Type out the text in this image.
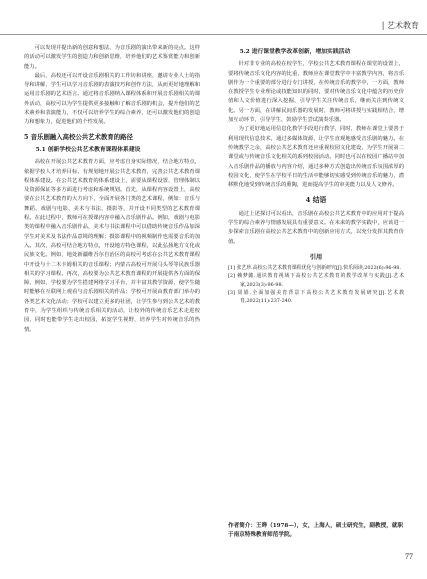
| 艺术教育

可以发现并提出新的创意和想法，为音乐剧的演出带来新的亮点。这样的活动可以激发学生的创造力和创新思维，培养他们的艺术鉴赏能力和创新能力。

最后，高校还可以开设音乐剧相关的工作坊和讲座，邀请专业人士的指导和讲解，学生可以学习音乐剧的表演技巧和创作方法，从而更好地理解和运用音乐剧的艺术语言。通过将音乐剧纳入课程体系和开展音乐剧相关的课外活动，高校可以为学生提供更多接触和了解音乐剧的机会，提升他们的艺术素养和表演能力，不仅可以培养学生的综合素养，还可以激发他们的创造力和想象力，促进他们的个性发展。

5 音乐剧融入高校公共艺术教育的路径
5.1 创新学校公共艺术教育课程体系建设

高校在开展公共艺术教育方面，应考虑自身实际情况，结合地方特点，依据学校人才培养目标，有规划地开展公共艺术教育，完善公共艺术教育课程体系建设。在公共艺术教育的体系建设上，需要从课程设置、管理体制以及资源保证等多方面进行考虑和系统规划。首先，从课程内容设置上，高校要在公共艺术教育的大方向下，全面开展各门类的艺术课程，例如：音乐与舞蹈、戏剧与电影、美术与书法、摄影等，并开设不同类型的艺术教育课程。在此过程中，教师可在授课内容中融入音乐剧作品。例如，戏剧与电影类的课程中融入音乐剧作品，美术与书法课程中可以借助传统音乐作品加深学生对美术及书法作品意境的理解；摄影课程中的视频制作也需要音乐的加入。其次，高校可结合地方特点，开设地方特色课程，以此弘扬地方文化或民族文化。例如，地处新疆维吾尔自治区的高校可考虑在公共艺术教育课程中开设与十二木卡姆相关的音乐课程；内蒙古高校可开展马头琴等民族乐器相关的学习课程。再次，高校要为公共艺术教育课程的开展提供各方面的保障，例如，学校要为学生搭建网络学习平台，并丰富其教学资源，使学生随时能够在互联网上观看与音乐剧相关的作品；学校可开展由教育部门举办的各类艺术文化活动；学校可以建立更多的社团，让学生参与到公共艺术的教育中，为学生组织与传统音乐相关的活动，让校外的传统音乐艺术走进校园，同时也能带学生走出校园，拓宽学生视野，培养学生对传统音乐的热情。

5.2 进行课堂教学改革创新，增加实践活动

针对非专业的高校在校学生，学校公共艺术教育课程在课堂的设置上，要将传统音乐文化内容的比重，教师应在课堂教学中丰富教学内容，将音乐剧作为一个重要的部分进行专门讲授，在传统音乐的教学中，一方面，教师在教授学生专业理论或技能知识的同时，要对传统音乐文化中蕴含的历史价值和人文价值进行深入挖掘，引导学生关注传统音乐，继而关注到传统文化。另一方面，在讲解民间乐器的发展时，教师可将讲授与实践相结合，增加互动环节，引导学生，鼓励学生尝试演奏乐器。

为了更好地运用信息化教学手段进行教学，同时，教师在课堂上要善于利用现代信息技术，通过多媒体资源，让学生直观地感受音乐剧的魅力。在传统教学之余，高校公共艺术教育还应重视校园文化建设，为学生开展第二课堂或与传统音乐文化相关的系列校园活动。同时也可以在校园广播站中加入音乐剧作品的播放与内容介绍，通过多种方式创造出传统音乐氛围浓厚的校园文化，使学生在学校平日的生活中能够切实感受到传统音乐的魅力，潜移默化地受到传统音乐的熏陶，进而提高学生的审美能力以及人文修养。

4 结语

通过上述探讨可以看出，音乐剧在高校公共艺术教育中的应用对于提高学生的综合素养与情感发展具有重要意义。在未来的教学实践中，应该进一步探索音乐剧在高校公共艺术教育中的创新应用方式，以充分发挥其教育价值。

引用

[1] 张艺珍.高校公共艺术教育课程优化与创新研究[J].快乐阅读,2023(6):96-98.

[2] 赖梦懿.通识教育视域下高校公共艺术教育的教学改革与实践[J].艺术家,2023(3):96-98.

[3] 周娟.全面加强美育背景下高校公共艺术教育发展研究[J].艺术教育,2022(11):237-240.

作者简介：王晔（1978—），女，上海人，硕士研究生，副教授，就职于南京特殊教育师范学院。
77
